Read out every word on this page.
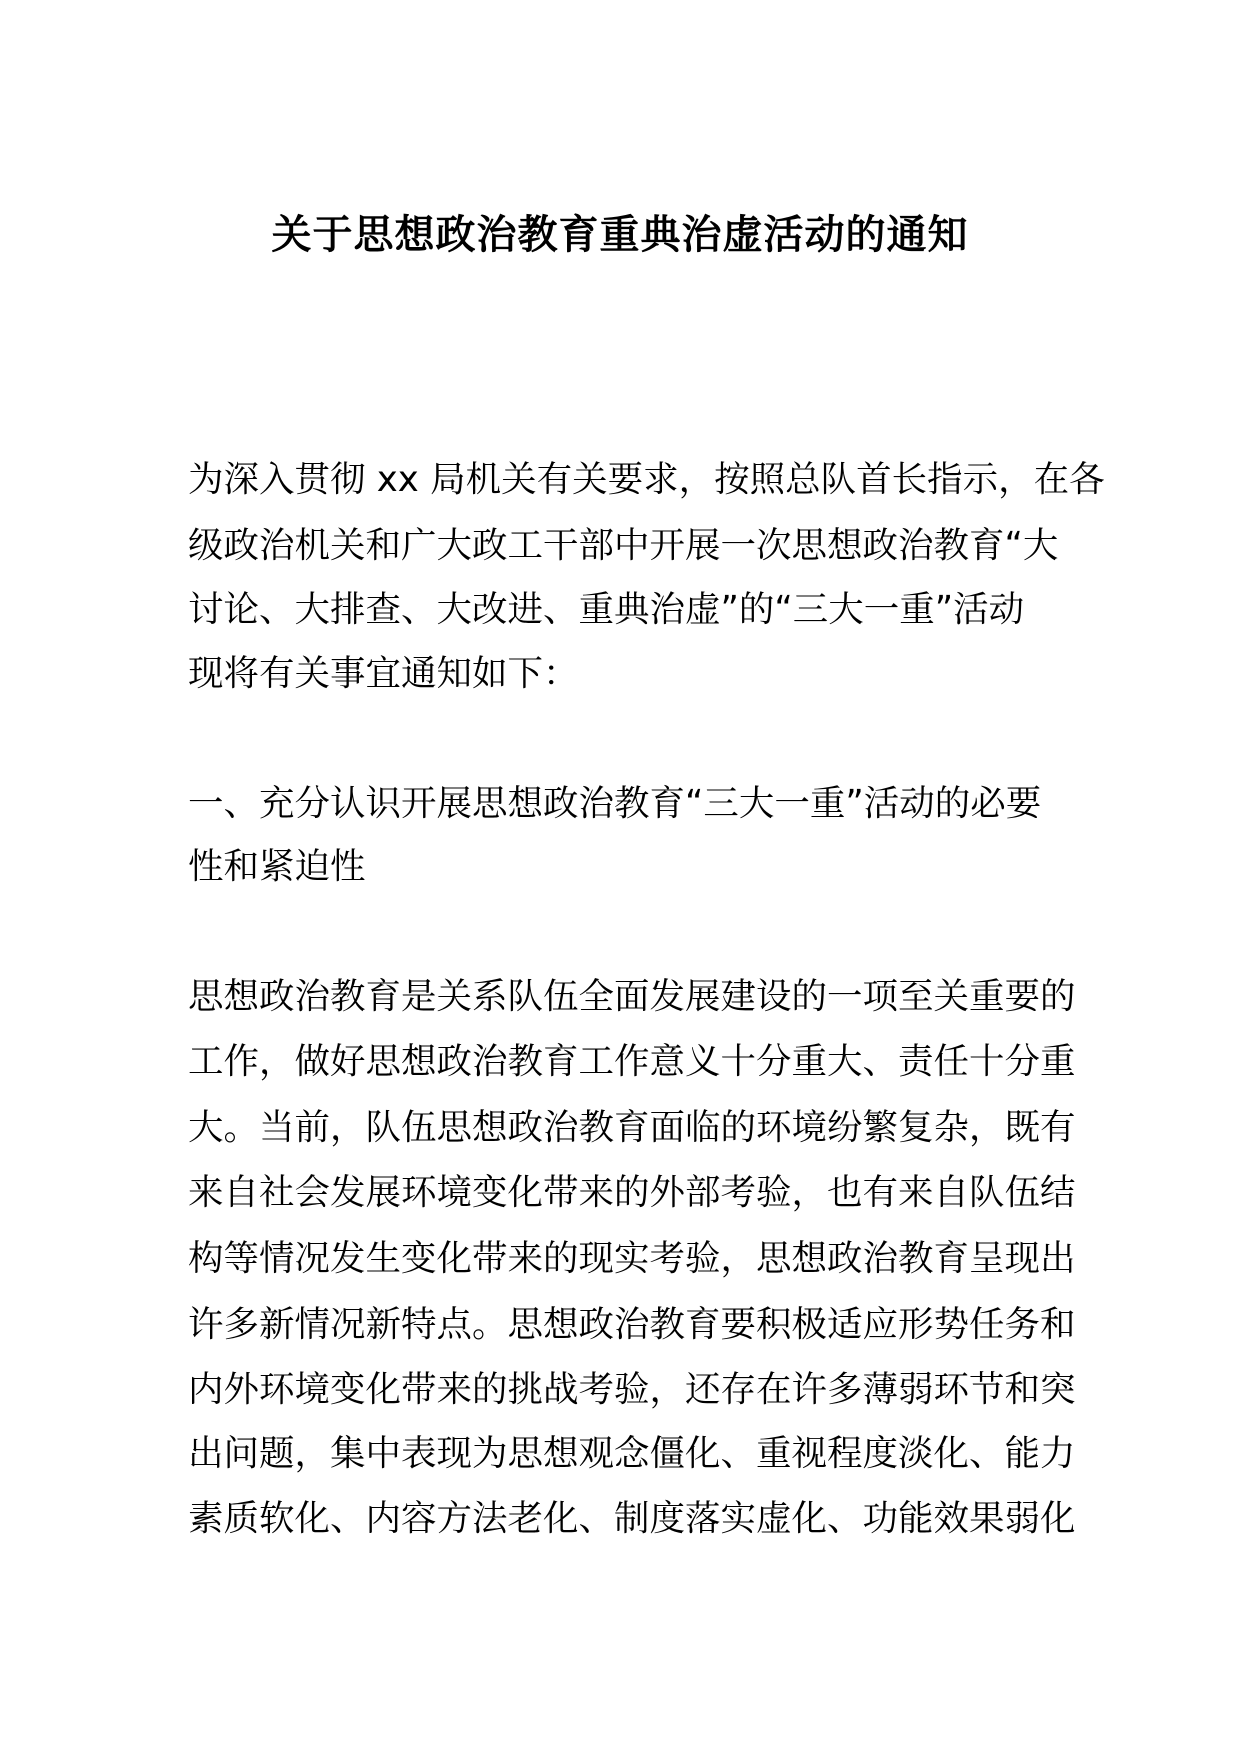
关于思想政治教育重典治虚活动的通知
为深入贯彻 xx 局机关有关要求，按照总队首长指示，在各
级政治机关和广大政工干部中开展一次思想政治教育“大
讨论、大排查、大改进、重典治虚”的“三大一重”活动
现将有关事宜通知如下：
一、充分认识开展思想政治教育“三大一重”活动的必要
性和紧迫性
思想政治教育是关系队伍全面发展建设的一项至关重要的
工作，做好思想政治教育工作意义十分重大、责任十分重
大。当前，队伍思想政治教育面临的环境纷繁复杂，既有
来自社会发展环境变化带来的外部考验，也有来自队伍结
构等情况发生变化带来的现实考验，思想政治教育呈现出
许多新情况新特点。思想政治教育要积极适应形势任务和
内外环境变化带来的挑战考验，还存在许多薄弱环节和突
出问题，集中表现为思想观念僵化、重视程度淡化、能力
素质软化、内容方法老化、制度落实虚化、功能效果弱化
